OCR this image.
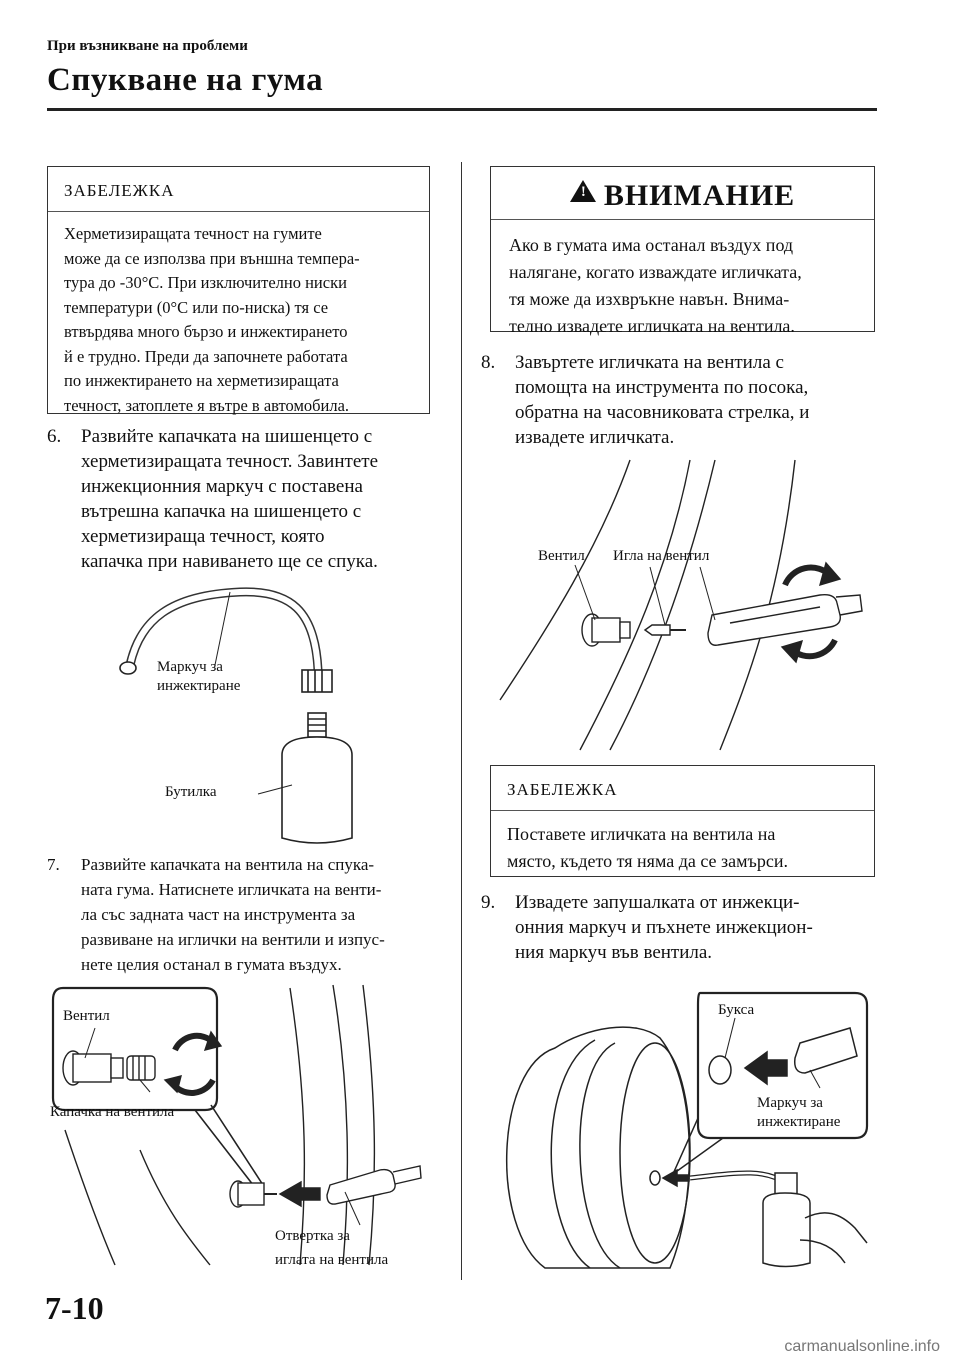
При възникване на проблеми
Спукване на гума
ЗАБЕЛЕЖКА
Херметизиращата течност на гумите
може да се използва при външна темпера-
тура до -30°C. При изключително ниски
температури (0°C или по-ниска) тя се
втвърдява много бързо и инжектирането
й е трудно. Преди да започнете работата
по инжектирането на херметизиращата
течност, затоплете я вътре в автомобила.
6. Развийте капачката на шишенцето с
херметизиращата течност. Завинтете
инжекционния маркуч с поставена
вътрешна капачка на шишенцето с
херметизираща течност, която
капачка при навиването ще се спука.
Маркуч за
инжектиране
Бутилка
7. Развийте капачката на вентила на спука-
ната гума. Натиснете игличката на венти-
ла със задната част на инструмента за
развиване на иглички на вентили и изпус-
нете целия останал в гумата въздух.
Вентил
Капачка на вентила
Отвертка за
иглата на вентила
! ВНИМАНИЕ
Ако в гумата има останал въздух под
налягане, когато изваждате игличката,
тя може да изхвръкне навън. Внима-
телно извадете игличката на вентила.
8. Завъртете игличката на вентила с
помощта на инструмента по посока,
обратна на часовниковата стрелка, и
извадете игличката.
Вентил Игла на вентил
ЗАБЕЛЕЖКА
Поставете игличката на вентила на
място, където тя няма да се замърси.
9. Извадете запушалката от инжекци-
онния маркуч и пъхнете инжекцион-
ния маркуч във вентила.
Букса
Маркуч за
инжектиране
7-10
carmanualsonline.info
